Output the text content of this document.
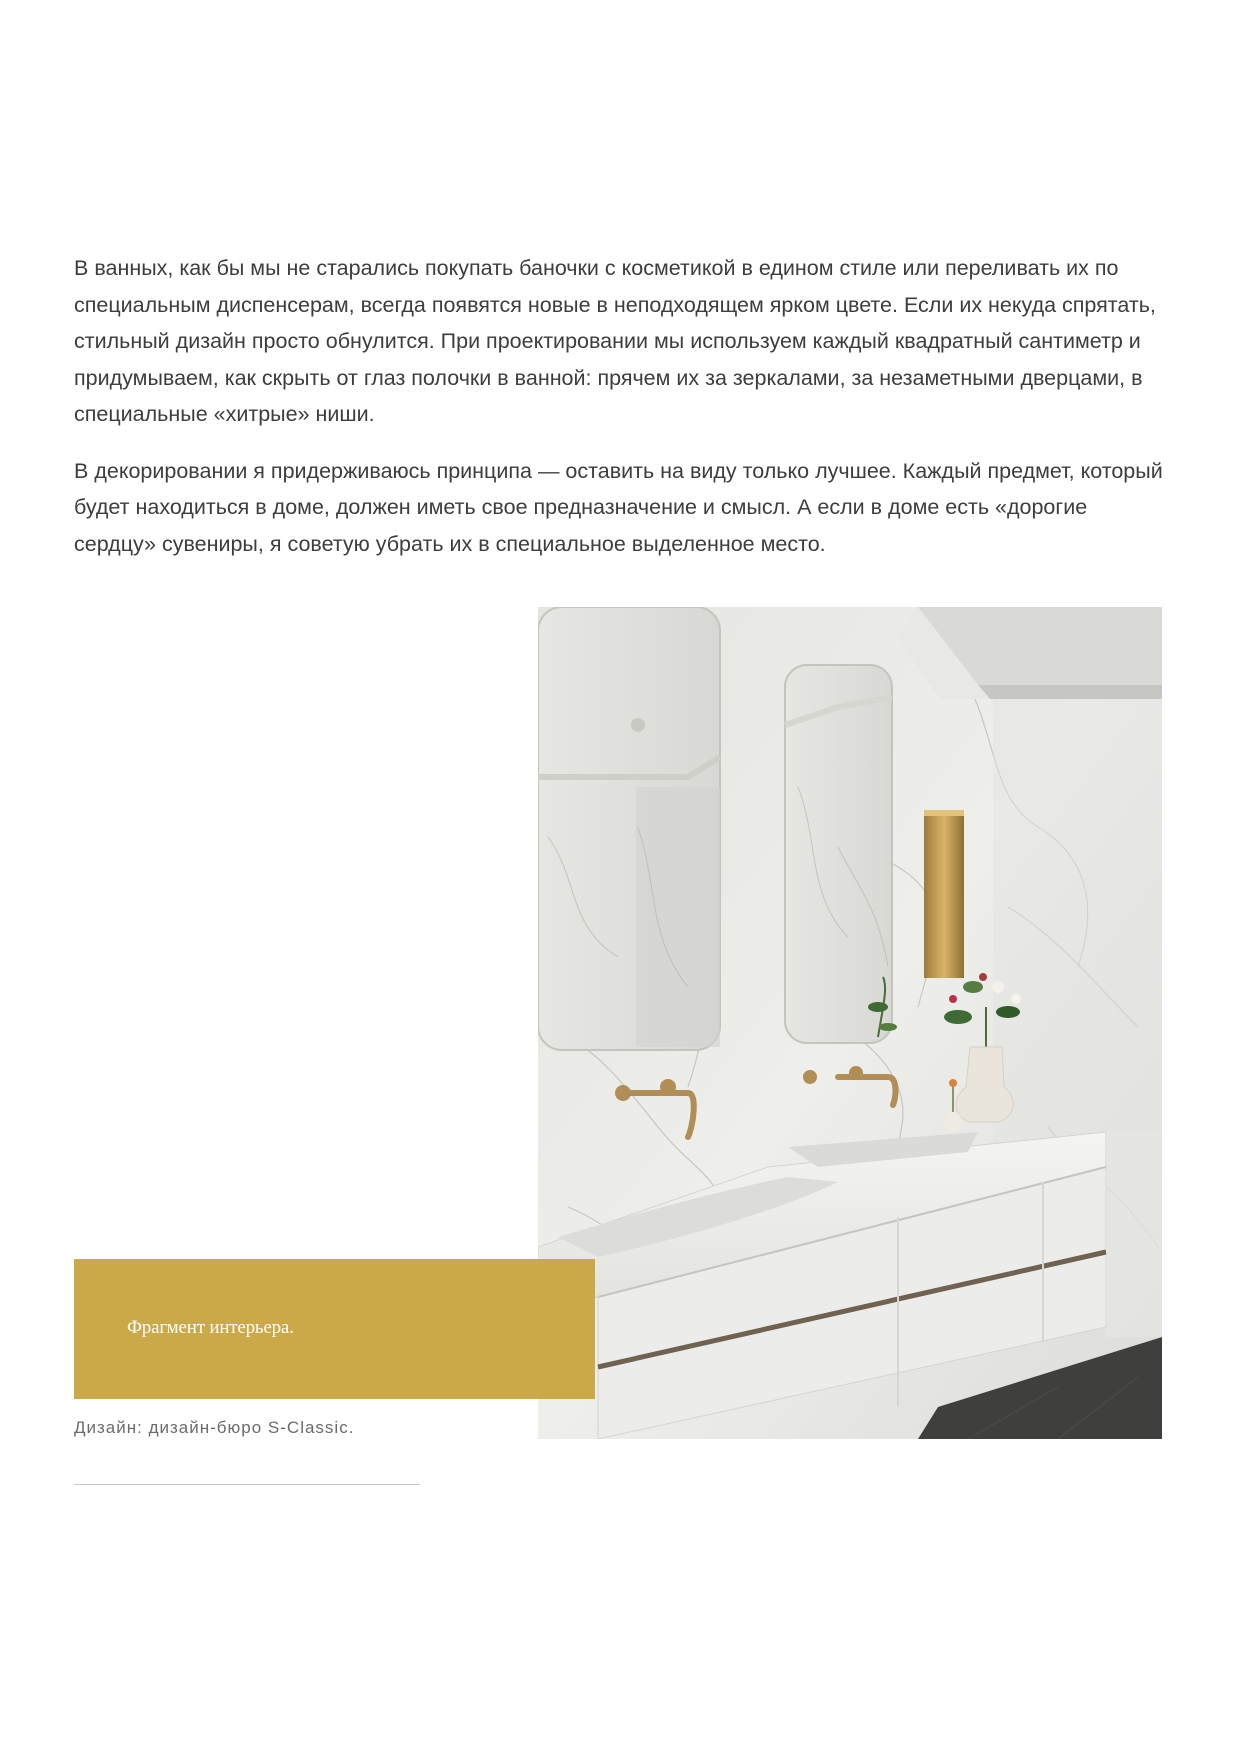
В ванных, как бы мы не старались покупать баночки с косметикой в едином стиле или переливать их по специальным диспенсерам, всегда появятся новые в неподходящем ярком цвете. Если их некуда спрятать, стильный дизайн просто обнулится. При проектировании мы используем каждый квадратный сантиметр и придумываем, как скрыть от глаз полочки в ванной: прячем их за зеркалами, за незаметными дверцами, в специальные «хитрые» ниши.

В декорировании я придерживаюсь принципа — оставить на виду только лучшее. Каждый предмет, который будет находиться в доме, должен иметь свое предназначение и смысл. А если в доме есть «дорогие сердцу» сувениры, я советую убрать их в специальное выделенное место.

Фрагмент интерьера.
Дизайн: дизайн-бюро S-Classic.
